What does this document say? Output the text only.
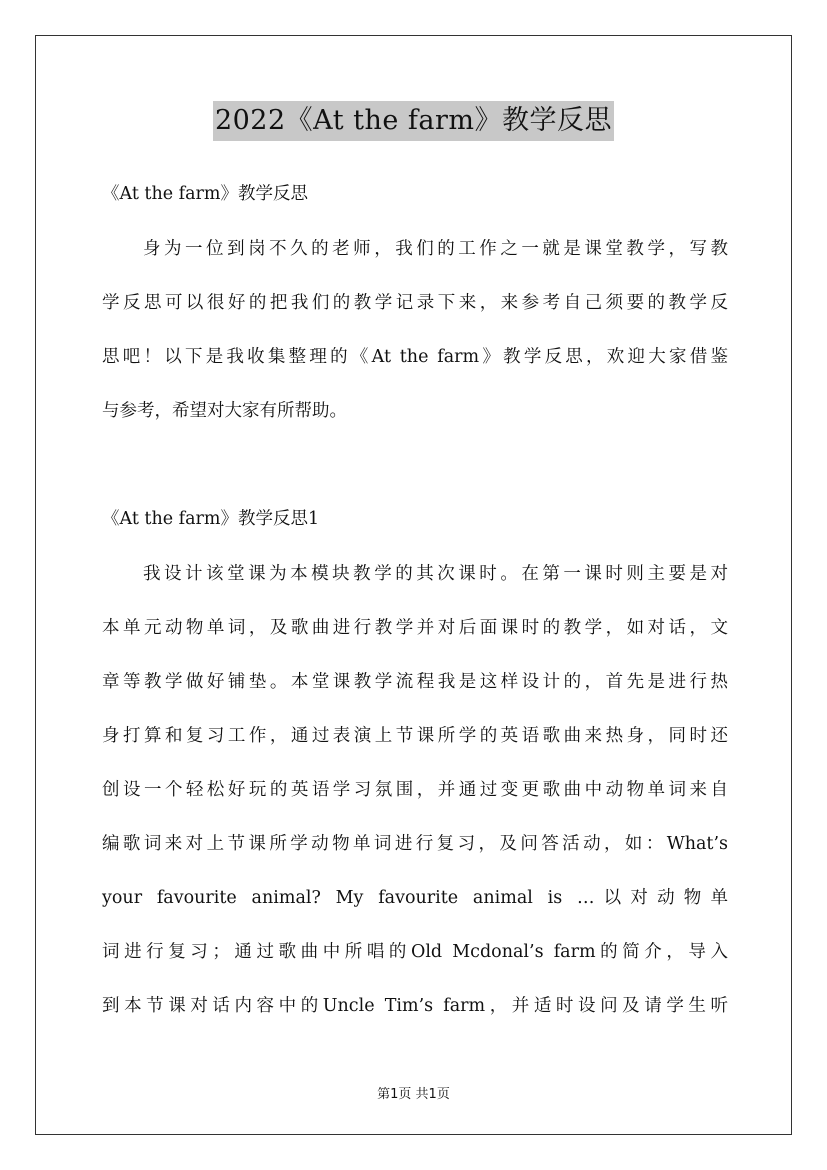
2022《At the farm》教学反思
《At the farm》教学反思
身为一位到岗不久的老师，我们的工作之一就是课堂教学，写教
学反思可以很好的把我们的教学记录下来，来参考自己须要的教学反
思吧！以下是我收集整理的《At the farm》教学反思，欢迎大家借鉴
与参考，希望对大家有所帮助。
《At the farm》教学反思1
我设计该堂课为本模块教学的其次课时。在第一课时则主要是对
本单元动物单词，及歌曲进行教学并对后面课时的教学，如对话，文
章等教学做好铺垫。本堂课教学流程我是这样设计的，首先是进行热
身打算和复习工作，通过表演上节课所学的英语歌曲来热身，同时还
创设一个轻松好玩的英语学习氛围，并通过变更歌曲中动物单词来自
编歌词来对上节课所学动物单词进行复习，及问答活动，如：What’s
your favourite animal? My favourite animal is …以对动物单
词进行复习；通过歌曲中所唱的Old Mcdonal’s farm的简介，导入
到本节课对话内容中的Uncle Tim’s farm，并适时设问及请学生听
第1页 共1页
